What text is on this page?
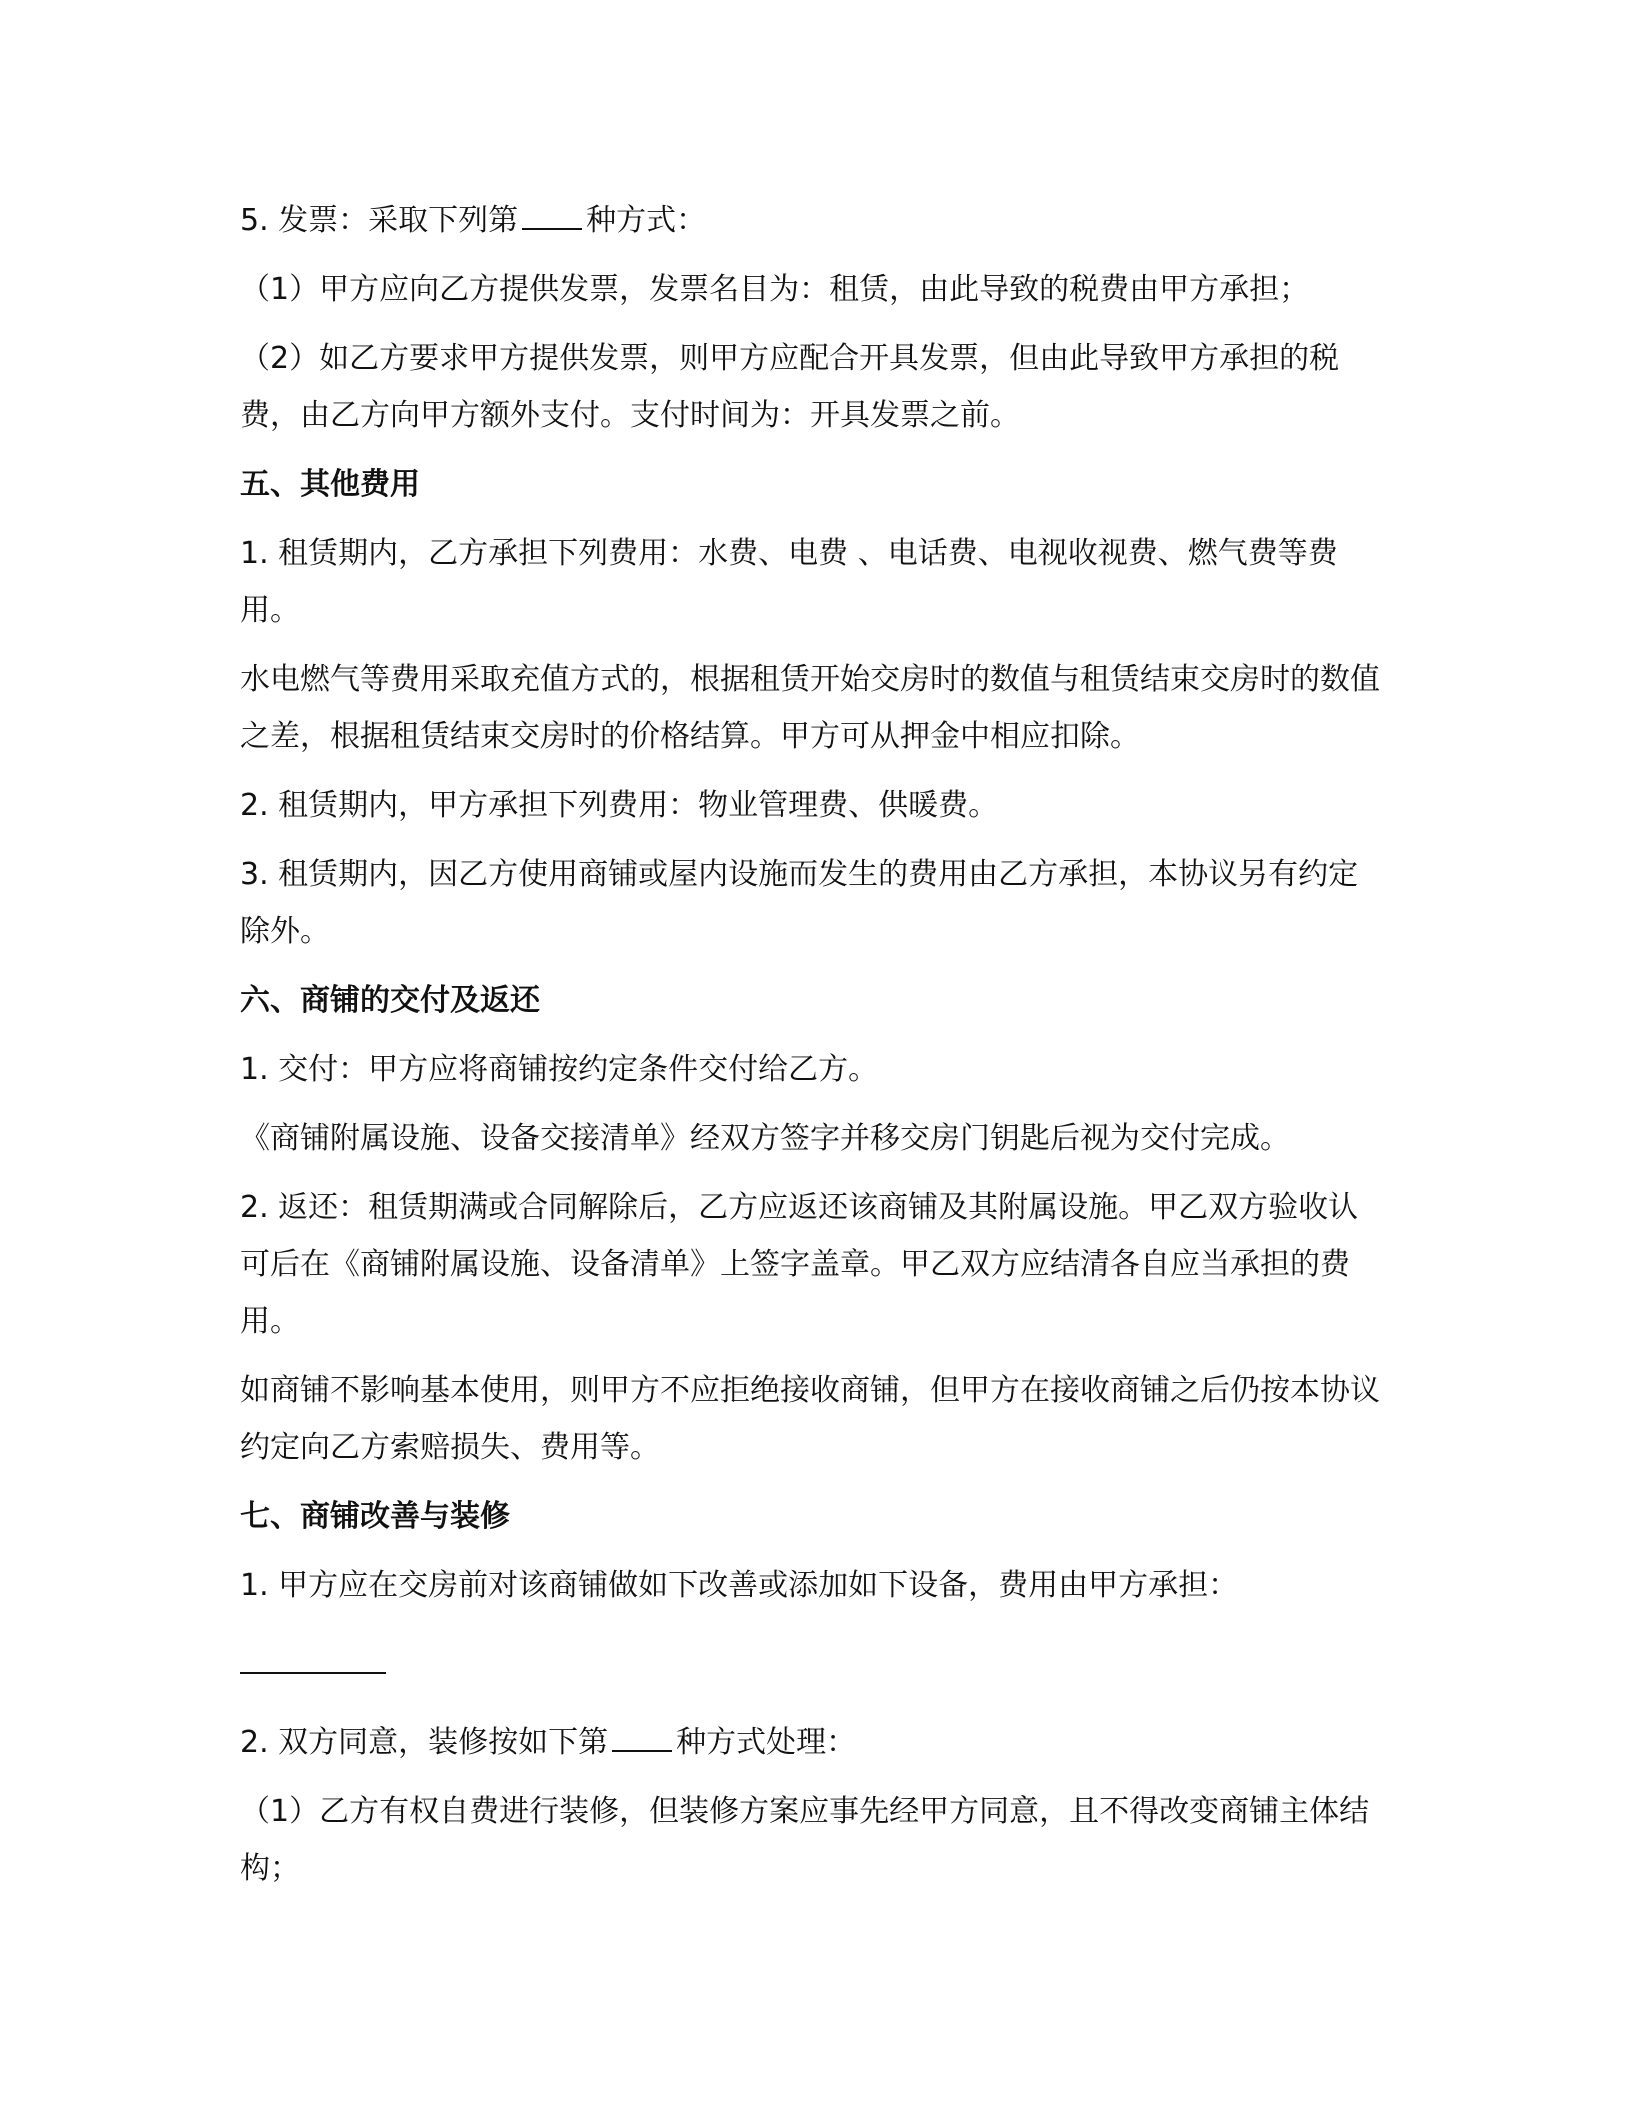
5. 发票：采取下列第 种方式：

（1）甲方应向乙方提供发票，发票名目为：租赁，由此导致的税费由甲方承担；

（2）如乙方要求甲方提供发票，则甲方应配合开具发票，但由此导致甲方承担的税费，由乙方向甲方额外支付。支付时间为：开具发票之前。

五、其他费用

1. 租赁期内，乙方承担下列费用：水费、电费 、电话费、电视收视费、燃气费等费用。

水电燃气等费用采取充值方式的，根据租赁开始交房时的数值与租赁结束交房时的数值之差，根据租赁结束交房时的价格结算。甲方可从押金中相应扣除。

2. 租赁期内，甲方承担下列费用：物业管理费、供暖费。

3. 租赁期内，因乙方使用商铺或屋内设施而发生的费用由乙方承担，本协议另有约定除外。

六、商铺的交付及返还

1. 交付：甲方应将商铺按约定条件交付给乙方。

《商铺附属设施、设备交接清单》经双方签字并移交房门钥匙后视为交付完成。

2. 返还：租赁期满或合同解除后，乙方应返还该商铺及其附属设施。甲乙双方验收认可后在《商铺附属设施、设备清单》上签字盖章。甲乙双方应结清各自应当承担的费用。

如商铺不影响基本使用，则甲方不应拒绝接收商铺，但甲方在接收商铺之后仍按本协议约定向乙方索赔损失、费用等。

七、商铺改善与装修

1. 甲方应在交房前对该商铺做如下改善或添加如下设备，费用由甲方承担：

2. 双方同意，装修按如下第 种方式处理：

（1）乙方有权自费进行装修，但装修方案应事先经甲方同意，且不得改变商铺主体结构；
